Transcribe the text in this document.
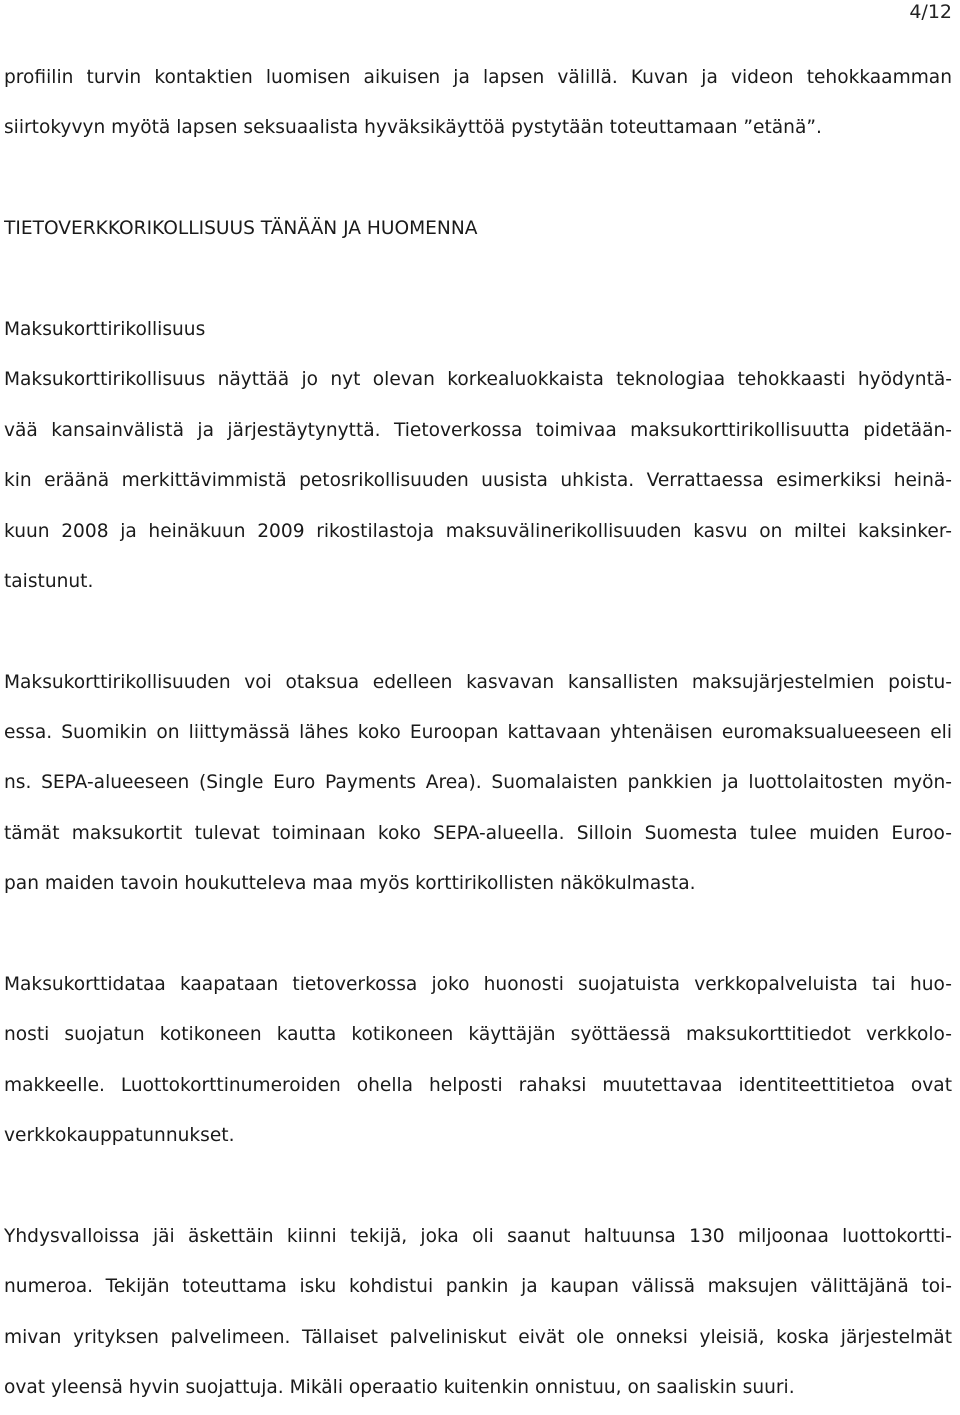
4/12
profiilin turvin kontaktien luomisen aikuisen ja lapsen välillä. Kuvan ja videon tehokkaamman
siirtokyvyn myötä lapsen seksuaalista hyväksikäyttöä pystytään toteuttamaan ”etänä”.
TIETOVERKKORIKOLLISUUS TÄNÄÄN JA HUOMENNA
Maksukorttirikollisuus
Maksukorttirikollisuus näyttää jo nyt olevan korkealuokkaista teknologiaa tehokkaasti hyödyntä-
vää kansainvälistä ja järjestäytynyttä. Tietoverkossa toimivaa maksukorttirikollisuutta pidetään-
kin eräänä merkittävimmistä petosrikollisuuden uusista uhkista. Verrattaessa esimerkiksi heinä-
kuun 2008 ja heinäkuun 2009 rikostilastoja maksuvälinerikollisuuden kasvu on miltei kaksinker-
taistunut.
Maksukorttirikollisuuden voi otaksua edelleen kasvavan kansallisten maksujärjestelmien poistu-
essa. Suomikin on liittymässä lähes koko Euroopan kattavaan yhtenäisen euromaksualueeseen eli
ns. SEPA-alueeseen (Single Euro Payments Area). Suomalaisten pankkien ja luottolaitosten myön-
tämät maksukortit tulevat toiminaan koko SEPA-alueella. Silloin Suomesta tulee muiden Euroo-
pan maiden tavoin houkutteleva maa myös korttirikollisten näkökulmasta.
Maksukorttidataa kaapataan tietoverkossa joko huonosti suojatuista verkkopalveluista tai huo-
nosti suojatun kotikoneen kautta kotikoneen käyttäjän syöttäessä maksukorttitiedot verkkolo-
makkeelle. Luottokorttinumeroiden ohella helposti rahaksi muutettavaa identiteettitietoa ovat
verkkokauppatunnukset.
Yhdysvalloissa jäi äskettäin kiinni tekijä, joka oli saanut haltuunsa 130 miljoonaa luottokortti-
numeroa. Tekijän toteuttama isku kohdistui pankin ja kaupan välissä maksujen välittäjänä toi-
mivan yrityksen palvelimeen. Tällaiset palveliniskut eivät ole onneksi yleisiä, koska järjestelmät
ovat yleensä hyvin suojattuja. Mikäli operaatio kuitenkin onnistuu, on saaliskin suuri.
